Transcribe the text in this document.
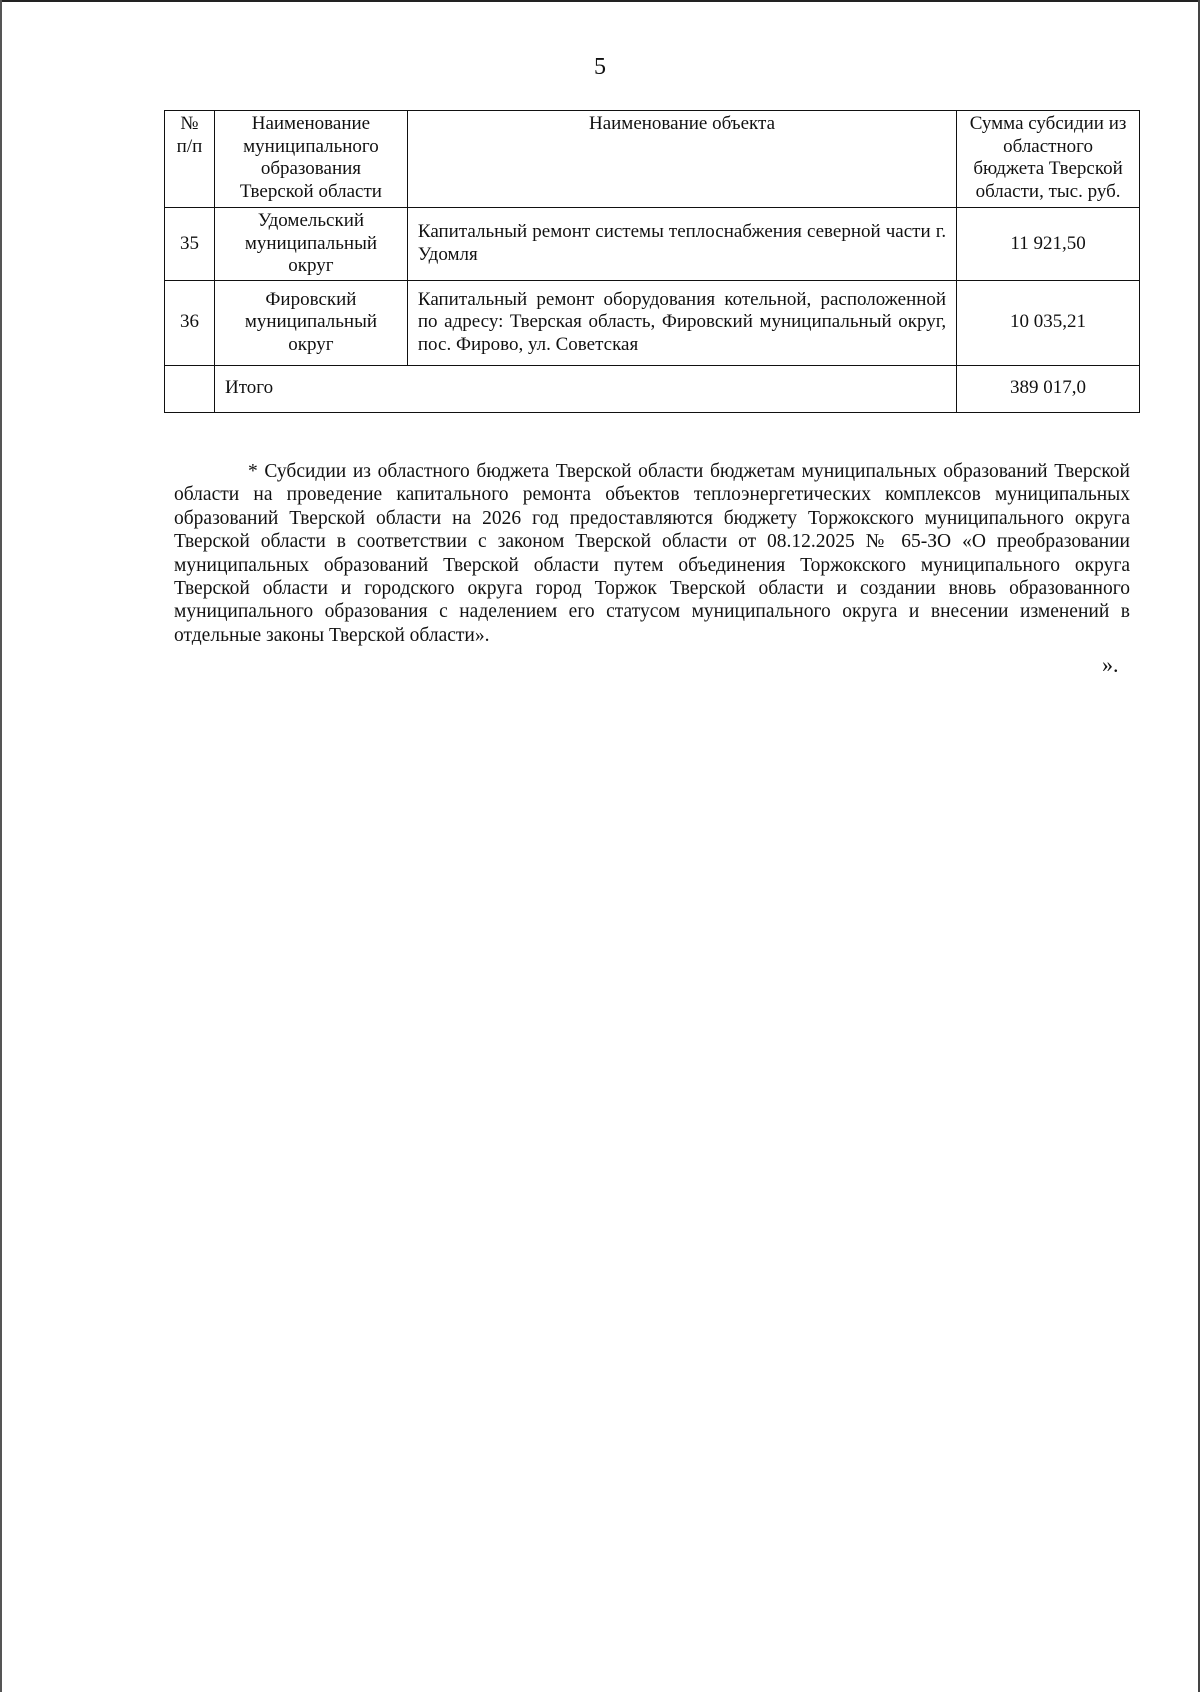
5
№ п/п	Наименование муниципального образования Тверской области	Наименование объекта	Сумма субсидии из областного бюджета Тверской области, тыс. руб.
35	Удомельский муниципальный округ	Капитальный ремонт системы теплоснабжения северной части г. Удомля	11 921,50
36	Фировский муниципальный округ	Капитальный ремонт оборудования котельной, расположенной по адресу: Тверская область, Фировский муниципальный округ, пос. Фирово, ул. Советская	10 035,21
	Итого		389 017,0

* Субсидии из областного бюджета Тверской области бюджетам муниципальных образований Тверской области на проведение капитального ремонта объектов теплоэнергетических комплексов муниципальных образований Тверской области на 2026 год предоставляются бюджету Торжокского муниципального округа Тверской области в соответствии с законом Тверской области от 08.12.2025 № 65-ЗО «О преобразовании муниципальных образований Тверской области путем объединения Торжокского муниципального округа Тверской области и городского округа город Торжок Тверской области и создании вновь образованного муниципального образования с наделением его статусом муниципального округа и внесении изменений в отдельные законы Тверской области».

».
